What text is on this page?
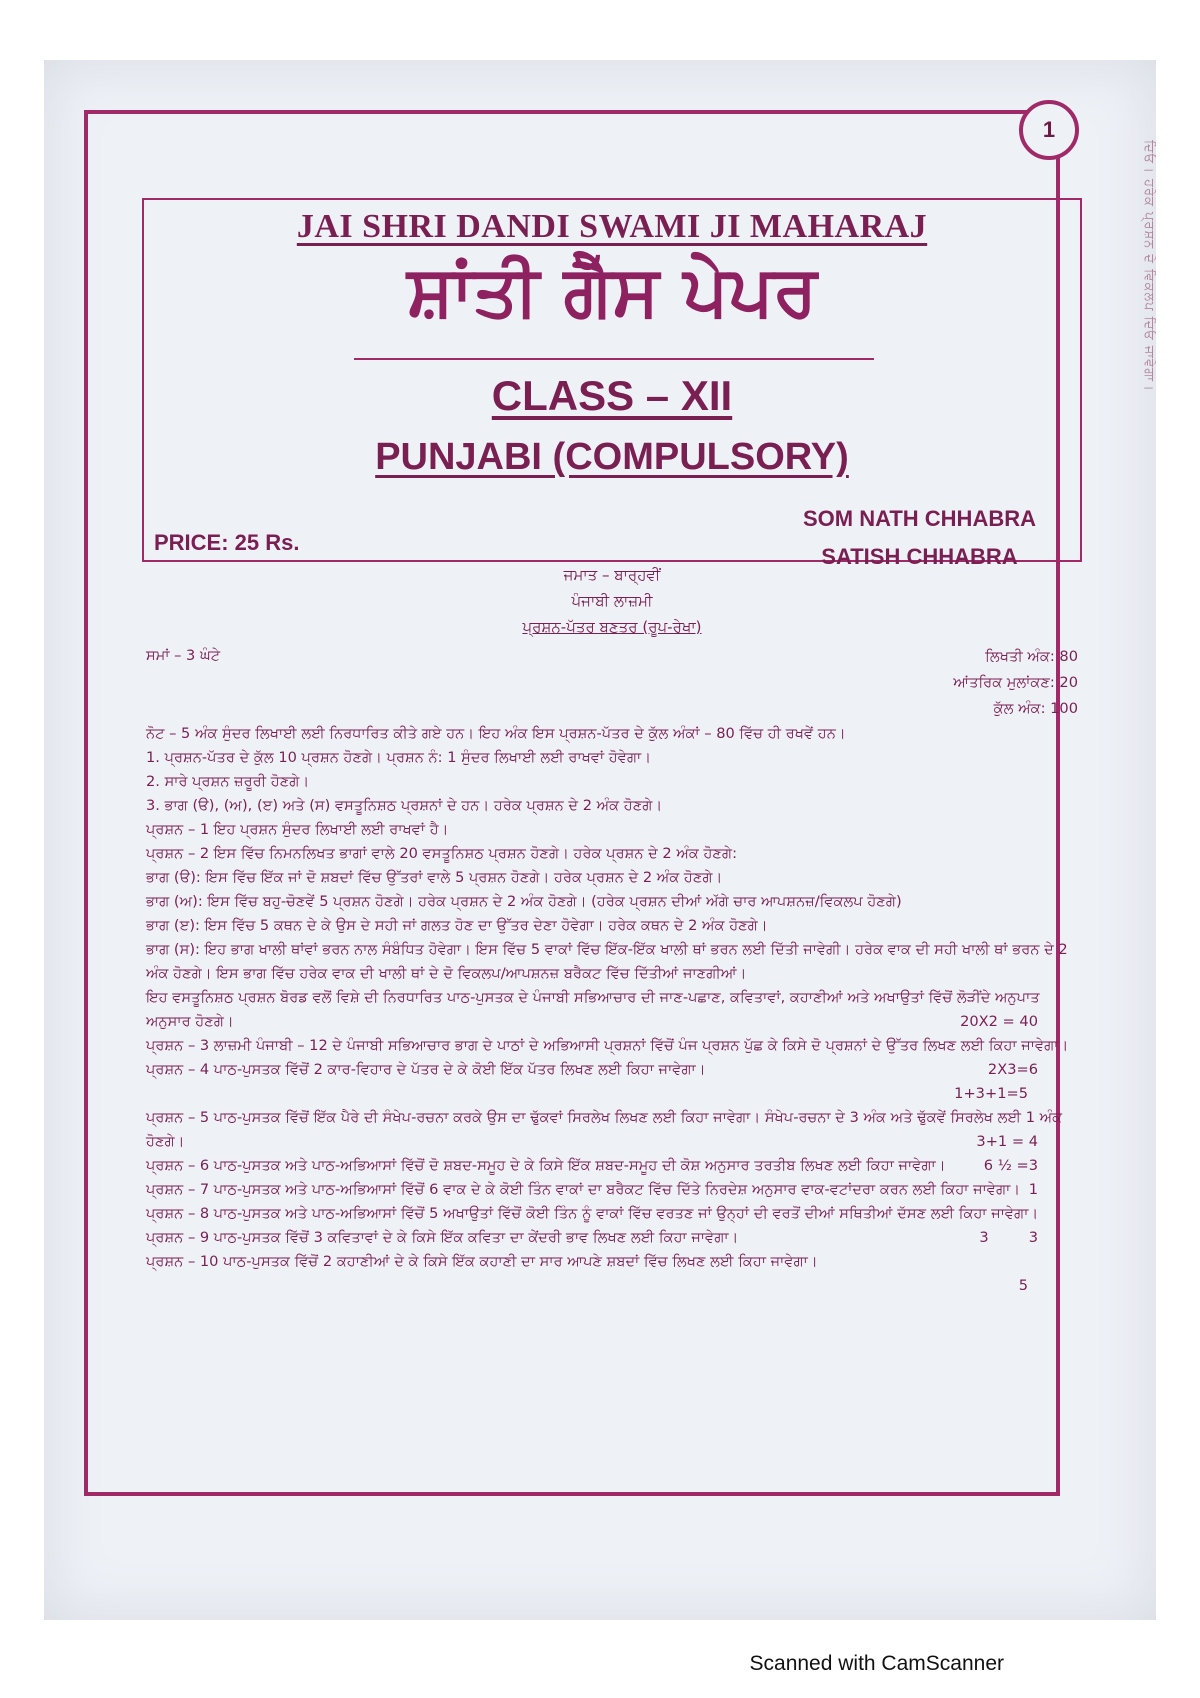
ਦਿਓ। ਹਰੇਕ ਪ੍ਰਸ਼ਨ ਦੇ ਵਿਕਲਪ ਦਿਓ ਜਾਵੇਗਾ।
JAI SHRI DANDI SWAMI JI MAHARAJ
ਸ਼ਾਂਤੀ ਗੈੱਸ ਪੇਪਰ
CLASS – XII
PUNJABI (COMPULSORY)
SOM NATH CHHABRA
SATISH CHHABRA
PRICE: 25 Rs.
ਜਮਾਤ – ਬਾਰ੍ਹਵੀਂ
ਪੰਜਾਬੀ ਲਾਜ਼ਮੀ
ਪ੍ਰਸ਼ਨ-ਪੱਤਰ ਬਣਤਰ (ਰੂਪ-ਰੇਖਾ)
ਸਮਾਂ – 3 ਘੰਟੇ	ਲਿਖਤੀ ਅੰਕ: 80
ਆਂਤਰਿਕ ਮੁਲਾਂਕਣ: 20
ਕੁੱਲ ਅੰਕ: 100

ਨੋਟ – 5 ਅੰਕ ਸੁੰਦਰ ਲਿਖਾਈ ਲਈ ਨਿਰਧਾਰਿਤ ਕੀਤੇ ਗਏ ਹਨ। ਇਹ ਅੰਕ ਇਸ ਪ੍ਰਸ਼ਨ-ਪੱਤਰ ਦੇ ਕੁੱਲ ਅੰਕਾਂ – 80 ਵਿੱਚ ਹੀ ਰਖਵੇਂ ਹਨ।

1. ਪ੍ਰਸ਼ਨ-ਪੱਤਰ ਦੇ ਕੁੱਲ 10 ਪ੍ਰਸ਼ਨ ਹੋਣਗੇ। ਪ੍ਰਸ਼ਨ ਨੰ: 1 ਸੁੰਦਰ ਲਿਖਾਈ ਲਈ ਰਾਖਵਾਂ ਹੋਵੇਗਾ।

2. ਸਾਰੇ ਪ੍ਰਸ਼ਨ ਜ਼ਰੂਰੀ ਹੋਣਗੇ।

3. ਭਾਗ (ੳ), (ਅ), (ੲ) ਅਤੇ (ਸ) ਵਸਤੂਨਿਸ਼ਠ ਪ੍ਰਸ਼ਨਾਂ ਦੇ ਹਨ। ਹਰੇਕ ਪ੍ਰਸ਼ਨ ਦੇ 2 ਅੰਕ ਹੋਣਗੇ।

ਪ੍ਰਸ਼ਨ – 1 ਇਹ ਪ੍ਰਸ਼ਨ ਸੁੰਦਰ ਲਿਖਾਈ ਲਈ ਰਾਖਵਾਂ ਹੈ।

ਪ੍ਰਸ਼ਨ – 2 ਇਸ ਵਿੱਚ ਨਿਮਨਲਿਖਤ ਭਾਗਾਂ ਵਾਲੇ 20 ਵਸਤੂਨਿਸ਼ਠ ਪ੍ਰਸ਼ਨ ਹੋਣਗੇ। ਹਰੇਕ ਪ੍ਰਸ਼ਨ ਦੇ 2 ਅੰਕ ਹੋਣਗੇ:

ਭਾਗ (ੳ): ਇਸ ਵਿੱਚ ਇੱਕ ਜਾਂ ਦੋ ਸ਼ਬਦਾਂ ਵਿੱਚ ਉੱਤਰਾਂ ਵਾਲੇ 5 ਪ੍ਰਸ਼ਨ ਹੋਣਗੇ। ਹਰੇਕ ਪ੍ਰਸ਼ਨ ਦੇ 2 ਅੰਕ ਹੋਣਗੇ।

ਭਾਗ (ਅ): ਇਸ ਵਿੱਚ ਬਹੁ-ਚੋਣਵੇਂ 5 ਪ੍ਰਸ਼ਨ ਹੋਣਗੇ। ਹਰੇਕ ਪ੍ਰਸ਼ਨ ਦੇ 2 ਅੰਕ ਹੋਣਗੇ। (ਹਰੇਕ ਪ੍ਰਸ਼ਨ ਦੀਆਂ ਅੱਗੇ ਚਾਰ ਆਪਸ਼ਨਜ਼/ਵਿਕਲਪ ਹੋਣਗੇ)

ਭਾਗ (ੲ): ਇਸ ਵਿੱਚ 5 ਕਥਨ ਦੇ ਕੇ ਉਸ ਦੇ ਸਹੀ ਜਾਂ ਗਲਤ ਹੋਣ ਦਾ ਉੱਤਰ ਦੇਣਾ ਹੋਵੇਗਾ। ਹਰੇਕ ਕਥਨ ਦੇ 2 ਅੰਕ ਹੋਣਗੇ।

ਭਾਗ (ਸ): ਇਹ ਭਾਗ ਖਾਲੀ ਥਾਂਵਾਂ ਭਰਨ ਨਾਲ ਸੰਬੰਧਿਤ ਹੋਵੇਗਾ। ਇਸ ਵਿੱਚ 5 ਵਾਕਾਂ ਵਿੱਚ ਇੱਕ-ਇੱਕ ਖਾਲੀ ਥਾਂ ਭਰਨ ਲਈ ਦਿੱਤੀ ਜਾਵੇਗੀ। ਹਰੇਕ ਵਾਕ ਦੀ ਸਹੀ ਖਾਲੀ ਥਾਂ ਭਰਨ ਦੇ 2 ਅੰਕ ਹੋਣਗੇ। ਇਸ ਭਾਗ ਵਿੱਚ ਹਰੇਕ ਵਾਕ ਦੀ ਖਾਲੀ ਥਾਂ ਦੇ ਦੋ ਵਿਕਲਪ/ਆਪਸ਼ਨਜ਼ ਬਰੈਕਟ ਵਿੱਚ ਦਿੱਤੀਆਂ ਜਾਣਗੀਆਂ।

ਇਹ ਵਸਤੂਨਿਸ਼ਠ ਪ੍ਰਸ਼ਨ ਬੋਰਡ ਵਲੋਂ ਵਿਸ਼ੇ ਦੀ ਨਿਰਧਾਰਿਤ ਪਾਠ-ਪੁਸਤਕ ਦੇ ਪੰਜਾਬੀ ਸਭਿਆਚਾਰ ਦੀ ਜਾਣ-ਪਛਾਣ, ਕਵਿਤਾਵਾਂ, ਕਹਾਣੀਆਂ ਅਤੇ ਅਖਾਉਤਾਂ ਵਿੱਚੋਂ ਲੋੜੀਂਦੇ ਅਨੁਪਾਤ ਅਨੁਸਾਰ ਹੋਣਗੇ।	20X2 = 40

ਪ੍ਰਸ਼ਨ – 3 ਲਾਜ਼ਮੀ ਪੰਜਾਬੀ – 12 ਦੇ ਪੰਜਾਬੀ ਸਭਿਆਚਾਰ ਭਾਗ ਦੇ ਪਾਠਾਂ ਦੇ ਅਭਿਆਸੀ ਪ੍ਰਸ਼ਨਾਂ ਵਿੱਚੋਂ ਪੰਜ ਪ੍ਰਸ਼ਨ ਪੁੱਛ ਕੇ ਕਿਸੇ ਦੋ ਪ੍ਰਸ਼ਨਾਂ ਦੇ ਉੱਤਰ ਲਿਖਣ ਲਈ ਕਿਹਾ ਜਾਵੇਗਾ।
2X3=6

ਪ੍ਰਸ਼ਨ – 4 ਪਾਠ-ਪੁਸਤਕ ਵਿੱਚੋਂ 2 ਕਾਰ-ਵਿਹਾਰ ਦੇ ਪੱਤਰ ਦੇ ਕੇ ਕੋਈ ਇੱਕ ਪੱਤਰ ਲਿਖਣ ਲਈ ਕਿਹਾ ਜਾਵੇਗਾ।

1+3+1=5

ਪ੍ਰਸ਼ਨ – 5 ਪਾਠ-ਪੁਸਤਕ ਵਿੱਚੋਂ ਇੱਕ ਪੈਰੇ ਦੀ ਸੰਖੇਪ-ਰਚਨਾ ਕਰਕੇ ਉਸ ਦਾ ਢੁੱਕਵਾਂ ਸਿਰਲੇਖ ਲਿਖਣ ਲਈ ਕਿਹਾ ਜਾਵੇਗਾ। ਸੰਖੇਪ-ਰਚਨਾ ਦੇ 3 ਅੰਕ ਅਤੇ ਢੁੱਕਵੇਂ ਸਿਰਲੇਖ ਲਈ 1 ਅੰਕ ਹੋਣਗੇ।	3+1 = 4

ਪ੍ਰਸ਼ਨ – 6 ਪਾਠ-ਪੁਸਤਕ ਅਤੇ ਪਾਠ-ਅਭਿਆਸਾਂ ਵਿੱਚੋਂ ਦੋ ਸ਼ਬਦ-ਸਮੂਹ ਦੇ ਕੇ ਕਿਸੇ ਇੱਕ ਸ਼ਬਦ-ਸਮੂਹ ਦੀ ਕੋਸ਼ ਅਨੁਸਾਰ ਤਰਤੀਬ ਲਿਖਣ ਲਈ ਕਿਹਾ ਜਾਵੇਗਾ।	6 ½ =3

ਪ੍ਰਸ਼ਨ – 7 ਪਾਠ-ਪੁਸਤਕ ਅਤੇ ਪਾਠ-ਅਭਿਆਸਾਂ ਵਿੱਚੋਂ 6 ਵਾਕ ਦੇ ਕੇ ਕੋਈ ਤਿੰਨ ਵਾਕਾਂ ਦਾ ਬਰੈਕਟ ਵਿੱਚ ਦਿੱਤੇ ਨਿਰਦੇਸ਼ ਅਨੁਸਾਰ ਵਾਕ-ਵਟਾਂਦਰਾ ਕਰਨ ਲਈ ਕਿਹਾ ਜਾਵੇਗਾ। 1

ਪ੍ਰਸ਼ਨ – 8 ਪਾਠ-ਪੁਸਤਕ ਅਤੇ ਪਾਠ-ਅਭਿਆਸਾਂ ਵਿੱਚੋਂ 5 ਅਖਾਉਤਾਂ ਵਿੱਚੋਂ ਕੋਈ ਤਿੰਨ ਨੂੰ ਵਾਕਾਂ ਵਿੱਚ ਵਰਤਣ ਜਾਂ ਉਨ੍ਹਾਂ ਦੀ ਵਰਤੋਂ ਦੀਆਂ ਸਥਿਤੀਆਂ ਦੱਸਣ ਲਈ ਕਿਹਾ ਜਾਵੇਗਾ।
3

ਪ੍ਰਸ਼ਨ – 9 ਪਾਠ-ਪੁਸਤਕ ਵਿੱਚੋਂ 3 ਕਵਿਤਾਵਾਂ ਦੇ ਕੇ ਕਿਸੇ ਇੱਕ ਕਵਿਤਾ ਦਾ ਕੇਂਦਰੀ ਭਾਵ ਲਿਖਣ ਲਈ ਕਿਹਾ ਜਾਵੇਗਾ।	3

ਪ੍ਰਸ਼ਨ – 10 ਪਾਠ-ਪੁਸਤਕ ਵਿੱਚੋਂ 2 ਕਹਾਣੀਆਂ ਦੇ ਕੇ ਕਿਸੇ ਇੱਕ ਕਹਾਣੀ ਦਾ ਸਾਰ ਆਪਣੇ ਸ਼ਬਦਾਂ ਵਿੱਚ ਲਿਖਣ ਲਈ ਕਿਹਾ ਜਾਵੇਗਾ।

5
1
Scanned with CamScanner
